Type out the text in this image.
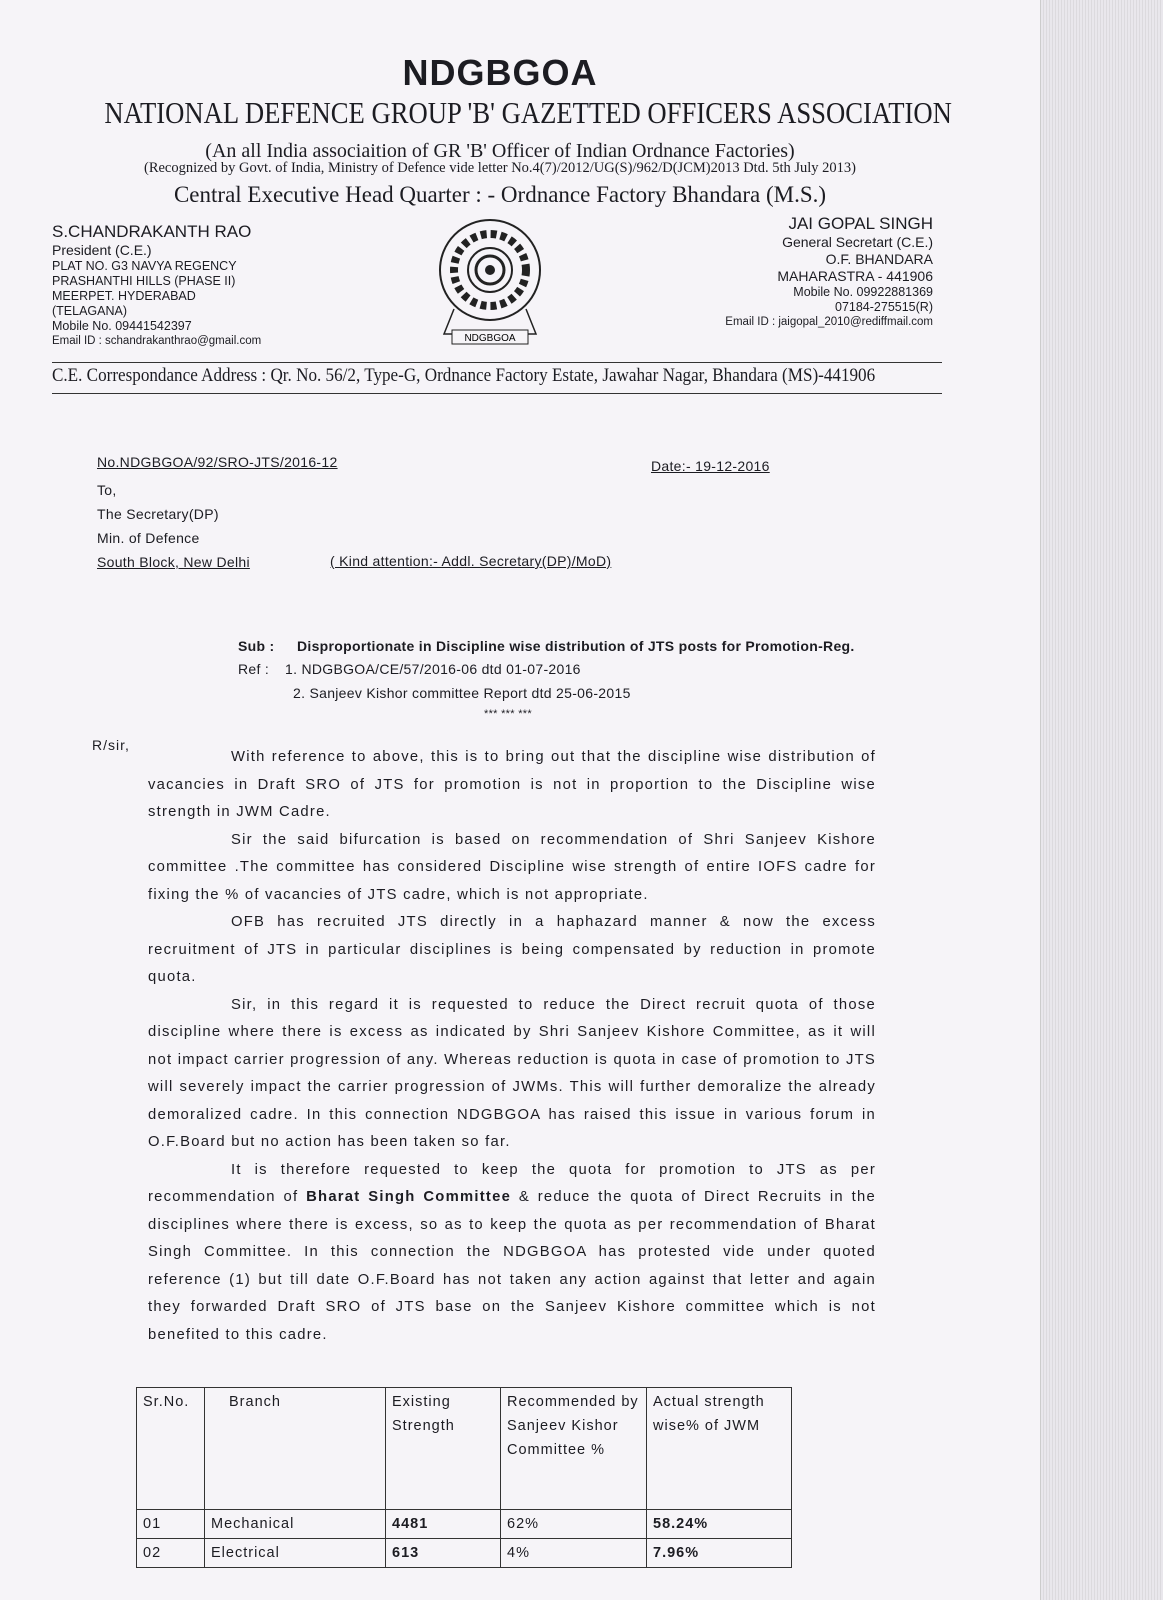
NDGBGOA
NATIONAL DEFENCE GROUP 'B' GAZETTED OFFICERS ASSOCIATION
(An all India associaition of GR 'B' Officer of Indian Ordnance Factories)
(Recognized by Govt. of India, Ministry of Defence vide letter No.4(7)/2012/UG(S)/962/D(JCM)2013 Dtd. 5th July 2013)
Central Executive Head Quarter : - Ordnance Factory Bhandara (M.S.)
S.CHANDRAKANTH RAO
President (C.E.)
PLAT NO. G3 NAVYA REGENCY
PRASHANTHI HILLS (PHASE II)
MEERPET. HYDERABAD
(TELAGANA)
Mobile No. 09441542397
Email ID : schandrakanthrao@gmail.com	NDGBGOA
JAI GOPAL SINGH
General Secretart (C.E.)
O.F. BHANDARA
MAHARASTRA - 441906
Mobile No. 09922881369
07184-275515(R)
Email ID : jaigopal_2010@rediffmail.com
C.E. Correspondance Address : Qr. No. 56/2, Type-G, Ordnance Factory Estate, Jawahar Nagar, Bhandara (MS)-441906
No.NDGBGOA/92/SRO-JTS/2016-12	Date:- 19-12-2016
To,
The Secretary(DP)
Min. of Defence
South Block, New Delhi	( Kind attention:- Addl. Secretary(DP)/MoD)
Sub : Disproportionate in Discipline wise distribution of JTS posts for Promotion-Reg.
Ref : 1. NDGBGOA/CE/57/2016-06 dtd 01-07-2016
2. Sanjeev Kishor committee Report dtd 25-06-2015
*** *** ***
R/sir,

With reference to above, this is to bring out that the discipline wise distribution of vacancies in Draft SRO of JTS for promotion is not in proportion to the Discipline wise strength in JWM Cadre.

Sir the said bifurcation is based on recommendation of Shri Sanjeev Kishore committee .The committee has considered Discipline wise strength of entire IOFS cadre for fixing the % of vacancies of JTS cadre, which is not appropriate.

OFB has recruited JTS directly in a haphazard manner & now the excess recruitment of JTS in particular disciplines is being compensated by reduction in promote quota.

Sir, in this regard it is requested to reduce the Direct recruit quota of those discipline where there is excess as indicated by Shri Sanjeev Kishore Committee, as it will not impact carrier progression of any. Whereas reduction is quota in case of promotion to JTS will severely impact the carrier progression of JWMs. This will further demoralize the already demoralized cadre. In this connection NDGBGOA has raised this issue in various forum in O.F.Board but no action has been taken so far.

It is therefore requested to keep the quota for promotion to JTS as per recommendation of Bharat Singh Committee & reduce the quota of Direct Recruits in the disciplines where there is excess, so as to keep the quota as per recommendation of Bharat Singh Committee. In this connection the NDGBGOA has protested vide under quoted reference (1) but till date O.F.Board has not taken any action against that letter and again they forwarded Draft SRO of JTS base on the Sanjeev Kishore committee which is not benefited to this cadre.

Sr.No.	Branch	Existing Strength	Recommended by Sanjeev Kishor Committee %	Actual strength wise% of JWM
01	Mechanical	4481	62%	58.24%
02	Electrical	613	4%	7.96%
